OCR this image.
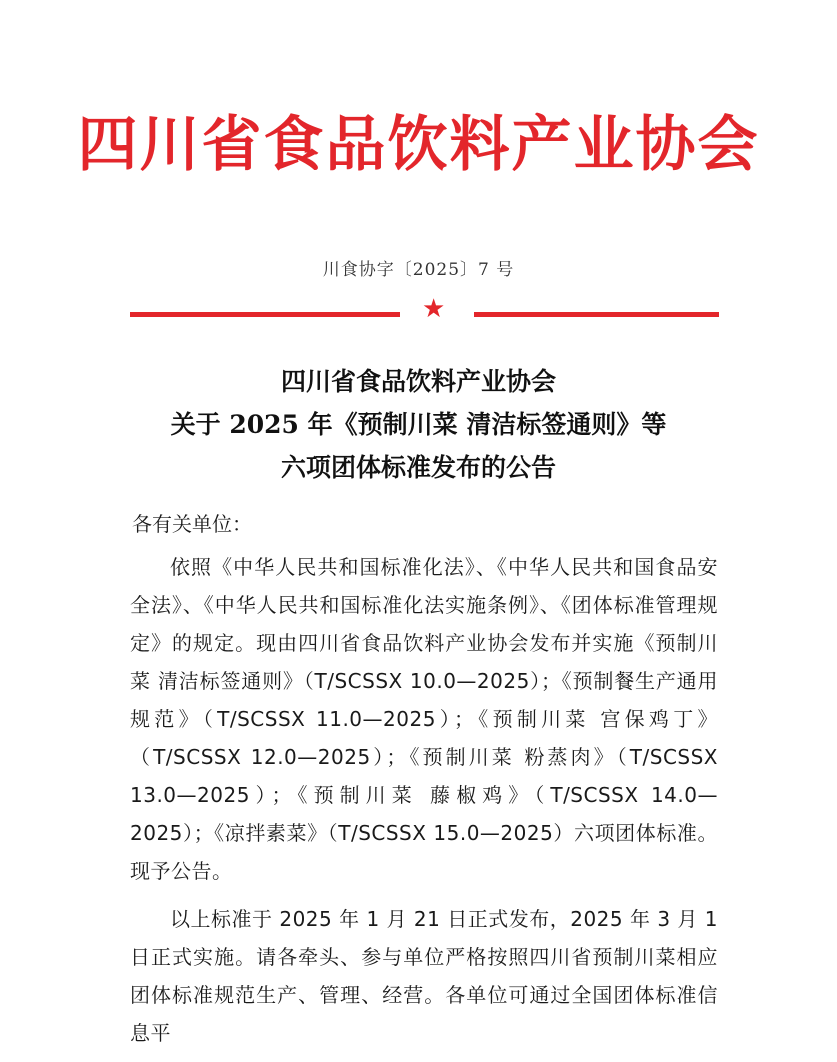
四川省食品饮料产业协会
川食协字〔2025〕7 号
★
四川省食品饮料产业协会
关于 2025 年《预制川菜 清洁标签通则》等
六项团体标准发布的公告
各有关单位：

依照《中华人民共和国标准化法》、《中华人民共和国食品安全法》、《中华人民共和国标准化法实施条例》、《团体标准管理规定》的规定。现由四川省食品饮料产业协会发布并实施《预制川菜 清洁标签通则》（T/SCSSX 10.0—2025）；《预制餐生产通用规范》（T/SCSSX 11.0—2025）；《预制川菜 宫保鸡丁》（T/SCSSX 12.0—2025）；《预制川菜 粉蒸肉》（T/SCSSX 13.0—2025）；《预制川菜 藤椒鸡》（T/SCSSX 14.0—2025）；《凉拌素菜》（T/SCSSX 15.0—2025）六项团体标准。现予公告。

以上标准于 2025 年 1 月 21 日正式发布，2025 年 3 月 1 日正式实施。请各牵头、参与单位严格按照四川省预制川菜相应团体标准规范生产、管理、经营。各单位可通过全国团体标准信息平
